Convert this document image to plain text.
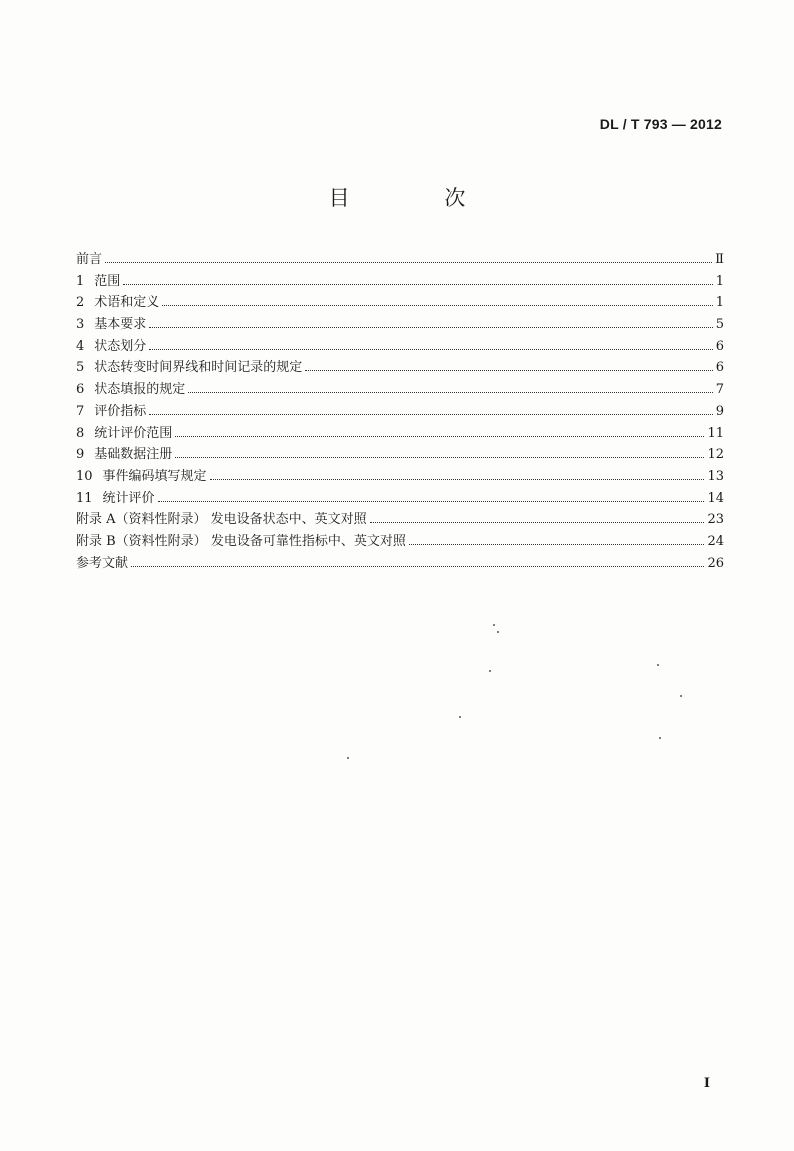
DL / T 793 — 2012
目 次
前言	Ⅱ
1 范围	1
2 术语和定义	1
3 基本要求	5
4 状态划分	6
5 状态转变时间界线和时间记录的规定	6
6 状态填报的规定	7
7 评价指标	9
8 统计评价范围	11
9 基础数据注册	12
10 事件编码填写规定	13
11 统计评价	14
附录 A（资料性附录） 发电设备状态中、英文对照	23
附录 B（资料性附录） 发电设备可靠性指标中、英文对照	24
参考文献	26
I
